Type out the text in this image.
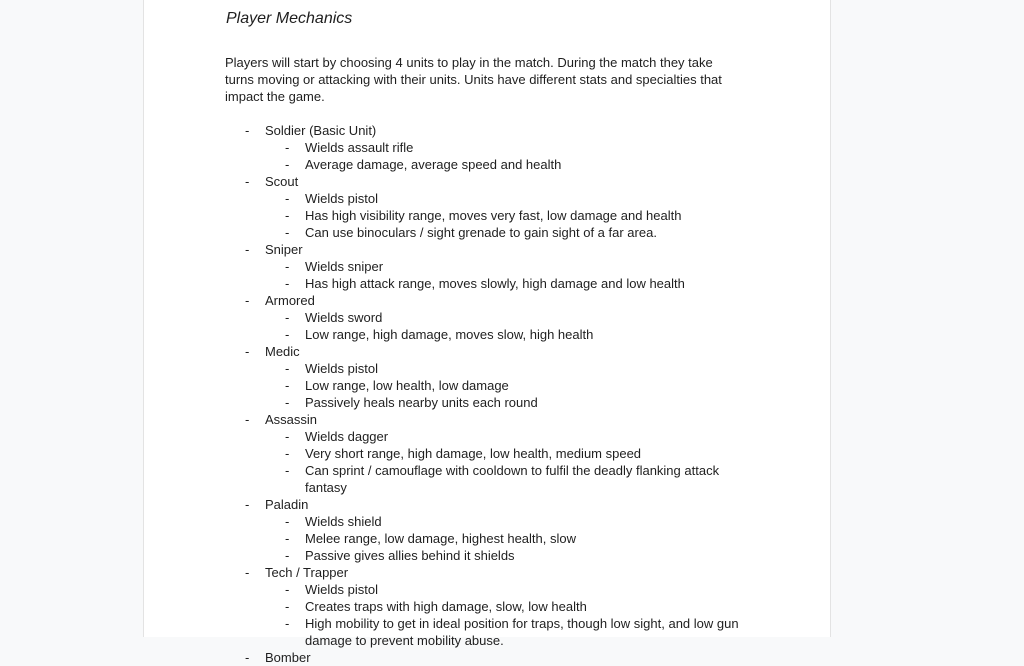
Player Mechanics

Players will start by choosing 4 units to play in the match. During the match they take turns moving or attacking with their units. Units have different stats and specialties that impact the game.

-	Soldier (Basic Unit)
-	Wields assault rifle
-	Average damage, average speed and health
-	Scout
-	Wields pistol
-	Has high visibility range, moves very fast, low damage and health
-	Can use binoculars / sight grenade to gain sight of a far area.
-	Sniper
-	Wields sniper
-	Has high attack range, moves slowly, high damage and low health
-	Armored
-	Wields sword
-	Low range, high damage, moves slow, high health
-	Medic
-	Wields pistol
-	Low range, low health, low damage
-	Passively heals nearby units each round
-	Assassin
-	Wields dagger
-	Very short range, high damage, low health, medium speed
-	Can sprint / camouflage with cooldown to fulfil the deadly flanking attack fantasy
-	Paladin
-	Wields shield
-	Melee range, low damage, highest health, slow
-	Passive gives allies behind it shields
-	Tech / Trapper
-	Wields pistol
-	Creates traps with high damage, slow, low health
-	High mobility to get in ideal position for traps, though low sight, and low gun damage to prevent mobility abuse.
-	Bomber
